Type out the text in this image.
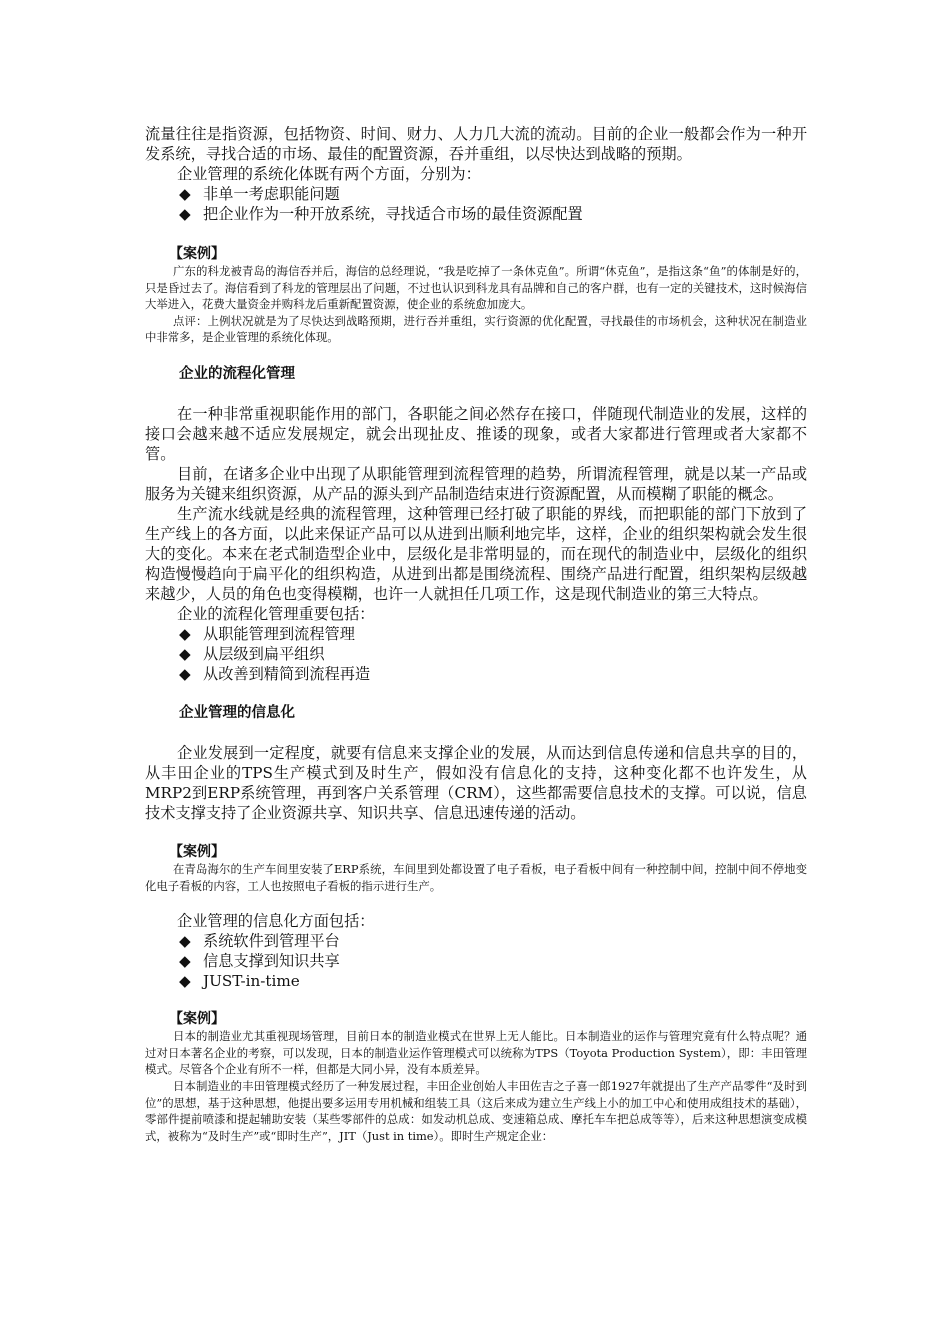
流量往往是指资源，包括物资、时间、财力、人力几大流的流动。目前的企业一般都会作为一种开发系统，寻找合适的市场、最佳的配置资源，吞并重组，以尽快达到战略的预期。

企业管理的系统化体既有两个方面，分别为：

◆ 非单一考虑职能问题
◆ 把企业作为一种开放系统，寻找适合市场的最佳资源配置

【案例】

广东的科龙被青岛的海信吞并后，海信的总经理说，“我是吃掉了一条休克鱼”。所谓“休克鱼”，是指这条“鱼”的体制是好的，只是昏过去了。海信看到了科龙的管理层出了问题，不过也认识到科龙具有品牌和自己的客户群，也有一定的关键技术，这时候海信大举进入，花费大量资金并购科龙后重新配置资源，使企业的系统愈加庞大。

点评：上例状况就是为了尽快达到战略预期，进行吞并重组，实行资源的优化配置，寻找最佳的市场机会，这种状况在制造业中非常多，是企业管理的系统化体现。

企业的流程化管理

在一种非常重视职能作用的部门，各职能之间必然存在接口，伴随现代制造业的发展，这样的接口会越来越不适应发展规定，就会出现扯皮、推诿的现象，或者大家都进行管理或者大家都不管。

目前，在诸多企业中出现了从职能管理到流程管理的趋势，所谓流程管理，就是以某一产品或服务为关键来组织资源，从产品的源头到产品制造结束进行资源配置，从而模糊了职能的概念。

生产流水线就是经典的流程管理，这种管理已经打破了职能的界线，而把职能的部门下放到了生产线上的各方面，以此来保证产品可以从进到出顺利地完毕，这样，企业的组织架构就会发生很大的变化。本来在老式制造型企业中，层级化是非常明显的，而在现代的制造业中，层级化的组织构造慢慢趋向于扁平化的组织构造，从进到出都是围绕流程、围绕产品进行配置，组织架构层级越来越少，人员的角色也变得模糊，也许一人就担任几项工作，这是现代制造业的第三大特点。

企业的流程化管理重要包括：

◆ 从职能管理到流程管理
◆ 从层级到扁平组织
◆ 从改善到精简到流程再造

企业管理的信息化

企业发展到一定程度，就要有信息来支撑企业的发展，从而达到信息传递和信息共享的目的，从丰田企业的TPS生产模式到及时生产，假如没有信息化的支持，这种变化都不也许发生，从MRP2到ERP系统管理，再到客户关系管理（CRM），这些都需要信息技术的支撑。可以说，信息技术支撑支持了企业资源共享、知识共享、信息迅速传递的活动。

【案例】

在青岛海尔的生产车间里安装了ERP系统，车间里到处都设置了电子看板，电子看板中间有一种控制中间，控制中间不停地变化电子看板的内容，工人也按照电子看板的指示进行生产。

企业管理的信息化方面包括：

◆ 系统软件到管理平台
◆ 信息支撑到知识共享
◆ JUST-in-time

【案例】

日本的制造业尤其重视现场管理，目前日本的制造业模式在世界上无人能比。日本制造业的运作与管理究竟有什么特点呢？通过对日本著名企业的考察，可以发现，日本的制造业运作管理模式可以统称为TPS（Toyota Production System），即：丰田管理模式。尽管各个企业有所不一样，但都是大同小异，没有本质差异。

日本制造业的丰田管理模式经历了一种发展过程，丰田企业创始人丰田佐吉之子喜一郎1927年就提出了生产产品零件“及时到位”的思想，基于这种思想，他提出要多运用专用机械和组装工具（这后来成为建立生产线上小的加工中心和使用成组技术的基础），零部件提前喷漆和提起辅助安装（某些零部件的总成：如发动机总成、变速箱总成、摩托车车把总成等等），后来这种思想演变成模式，被称为“及时生产”或“即时生产”，JIT（Just in time）。即时生产规定企业：
